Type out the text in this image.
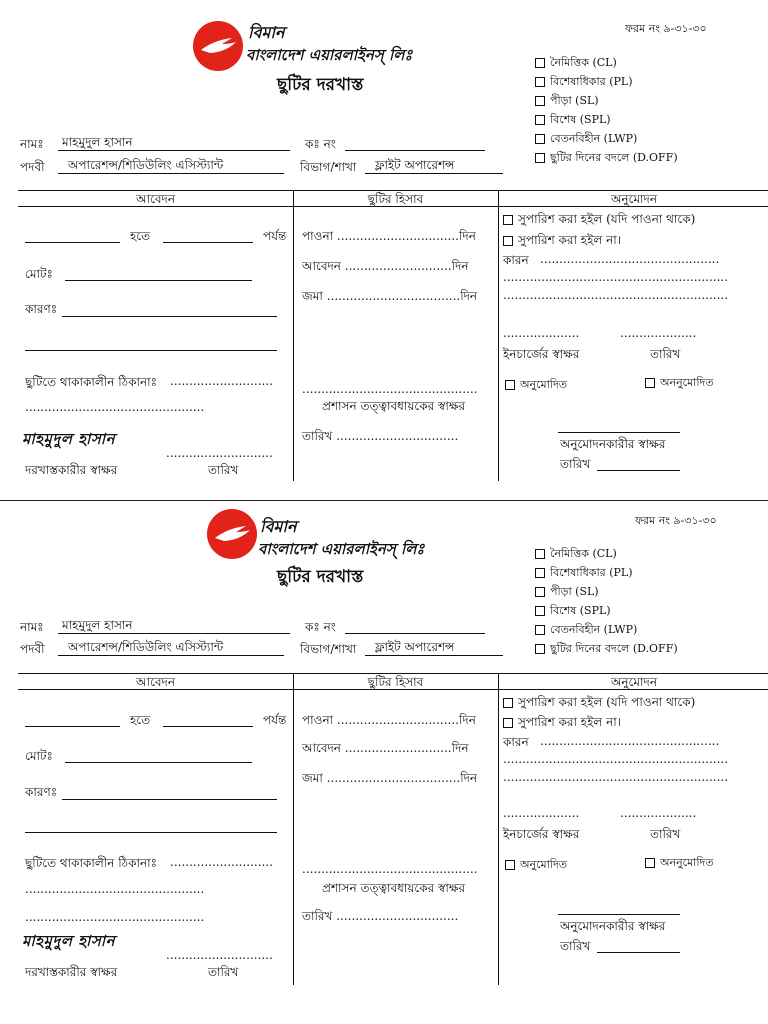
বিমান
বাংলাদেশ এয়ারলাইনস্‌ লিঃ
ছুটির দরখাস্ত
ফরম নং ৯-৩১-৩০
নৈমিত্তিক (CL)
বিশেষাধিকার (PL)
পীড়া (SL)
বিশেষ (SPL)
বেতনবিহীন (LWP)
ছুটির দিনের বদলে (D.OFF)
নামঃ মাহমুদুল হাসান	কঃ নং
পদবী অপারেশন্স/শিডিউলিং এসিস্ট্যান্ট	বিভাগ/শাখা ফ্লাইট অপারেশন্স
আবেদন	ছুটির হিসাব	অনুমোদন
হতে	পর্যন্ত
মোটঃ
কারণঃ
ছুটিতে থাকাকালীন ঠিকানাঃ ...........................
...............................................
মাহমুদুল হাসান
............................
দরখাস্তকারীর স্বাক্ষর	তারিখ
পাওনা ................................দিন
আবেদন ............................দিন
জমা ...................................দিন
..............................................
প্রশাসন তত্ত্বাবধায়কের স্বাক্ষর
তারিখ ................................
সুপারিশ করা হইল (যদি পাওনা থাকে)
সুপারিশ করা হইল না।
কারন ...............................................
...........................................................
...........................................................
....................	....................
ইনচার্জের স্বাক্ষর	তারিখ
অনুমোদিত	অননুমোদিত
অনুমোদনকারীর স্বাক্ষর
তারিখ
বিমান
বাংলাদেশ এয়ারলাইনস্‌ লিঃ
ছুটির দরখাস্ত
ফরম নং ৯-৩১-৩০
নৈমিত্তিক (CL)
বিশেষাধিকার (PL)
পীড়া (SL)
বিশেষ (SPL)
বেতনবিহীন (LWP)
ছুটির দিনের বদলে (D.OFF)
নামঃ মাহমুদুল হাসান	কঃ নং
পদবী অপারেশন্স/শিডিউলিং এসিস্ট্যান্ট	বিভাগ/শাখা ফ্লাইট অপারেশন্স
আবেদন	ছুটির হিসাব	অনুমোদন
হতে	পর্যন্ত
মোটঃ
কারণঃ
ছুটিতে থাকাকালীন ঠিকানাঃ ...........................
...............................................
...............................................
মাহমুদুল হাসান
............................
দরখাস্তকারীর স্বাক্ষর	তারিখ
পাওনা ................................দিন
আবেদন ............................দিন
জমা ...................................দিন
..............................................
প্রশাসন তত্ত্বাবধায়কের স্বাক্ষর
তারিখ ................................
সুপারিশ করা হইল (যদি পাওনা থাকে)
সুপারিশ করা হইল না।
কারন ...............................................
...........................................................
...........................................................
....................	....................
ইনচার্জের স্বাক্ষর	তারিখ
অনুমোদিত	অননুমোদিত
অনুমোদনকারীর স্বাক্ষর
তারিখ
